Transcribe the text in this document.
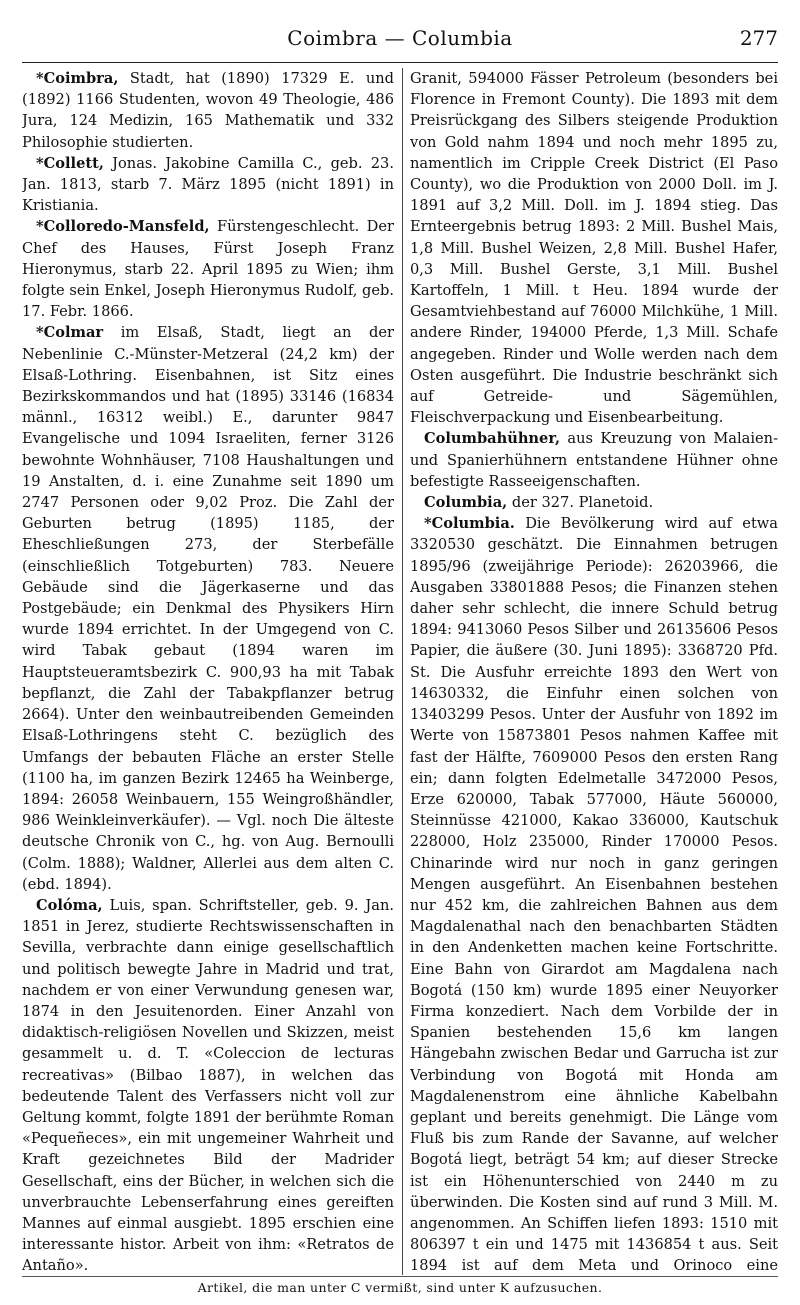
Coimbra — Columbia	277

*Coimbra, Stadt, hat (1890) 17329 E. und (1892) 1166 Studenten, wovon 49 Theologie, 486 Jura, 124 Medizin, 165 Mathematik und 332 Philosophie studierten.

*Collett, Jonas. Jakobine Camilla C., geb. 23. Jan. 1813, starb 7. März 1895 (nicht 1891) in Kristiania.

*Colloredo-Mansfeld, Fürstengeschlecht. Der Chef des Hauses, Fürst Joseph Franz Hieronymus, starb 22. April 1895 zu Wien; ihm folgte sein Enkel, Joseph Hieronymus Rudolf, geb. 17. Febr. 1866.

*Colmar im Elsaß, Stadt, liegt an der Nebenlinie C.-Münster-Metzeral (24,2 km) der Elsaß-Lothring. Eisenbahnen, ist Sitz eines Bezirkskommandos und hat (1895) 33146 (16834 männl., 16312 weibl.) E., darunter 9847 Evangelische und 1094 Israeliten, ferner 3126 bewohnte Wohnhäuser, 7108 Haushaltungen und 19 Anstalten, d. i. eine Zunahme seit 1890 um 2747 Personen oder 9,02 Proz. Die Zahl der Geburten betrug (1895) 1185, der Eheschließungen 273, der Sterbefälle (einschließlich Totgeburten) 783. Neuere Gebäude sind die Jägerkaserne und das Postgebäude; ein Denkmal des Physikers Hirn wurde 1894 errichtet. In der Umgegend von C. wird Tabak gebaut (1894 waren im Hauptsteueramtsbezirk C. 900,93 ha mit Tabak bepflanzt, die Zahl der Tabakpflanzer betrug 2664). Unter den weinbautreibenden Gemeinden Elsaß-Lothringens steht C. bezüglich des Umfangs der bebauten Fläche an erster Stelle (1100 ha, im ganzen Bezirk 12465 ha Weinberge, 1894: 26058 Weinbauern, 155 Weingroßhändler, 986 Weinkleinverkäufer). — Vgl. noch Die älteste deutsche Chronik von C., hg. von Aug. Bernoulli (Colm. 1888); Waldner, Allerlei aus dem alten C. (ebd. 1894).

Colóma, Luis, span. Schriftsteller, geb. 9. Jan. 1851 in Jerez, studierte Rechtswissenschaften in Sevilla, verbrachte dann einige gesellschaftlich und politisch bewegte Jahre in Madrid und trat, nachdem er von einer Verwundung genesen war, 1874 in den Jesuitenorden. Einer Anzahl von didaktisch-religiösen Novellen und Skizzen, meist gesammelt u. d. T. «Coleccion de lecturas recreativas» (Bilbao 1887), in welchen das bedeutende Talent des Verfassers nicht voll zur Geltung kommt, folgte 1891 der berühmte Roman «Pequeñeces», ein mit ungemeiner Wahrheit und Kraft gezeichnetes Bild der Madrider Gesellschaft, eins der Bücher, in welchen sich die unverbrauchte Lebenserfahrung eines gereiften Mannes auf einmal ausgiebt. 1895 erschien eine interessante histor. Arbeit von ihm: «Retratos de Antaño».

Granit, 594000 Fässer Petroleum (besonders bei Florence in Fremont County). Die 1893 mit dem Preisrückgang des Silbers steigende Produktion von Gold nahm 1894 und noch mehr 1895 zu, namentlich im Cripple Creek District (El Paso County), wo die Produktion von 2000 Doll. im J. 1891 auf 3,2 Mill. Doll. im J. 1894 stieg. Das Ernteergebnis betrug 1893: 2 Mill. Bushel Mais, 1,8 Mill. Bushel Weizen, 2,8 Mill. Bushel Hafer, 0,3 Mill. Bushel Gerste, 3,1 Mill. Bushel Kartoffeln, 1 Mill. t Heu. 1894 wurde der Gesamtviehbestand auf 76000 Milchkühe, 1 Mill. andere Rinder, 194000 Pferde, 1,3 Mill. Schafe angegeben. Rinder und Wolle werden nach dem Osten ausgeführt. Die Industrie beschränkt sich auf Getreide- und Sägemühlen, Fleischverpackung und Eisenbearbeitung.

Columbahühner, aus Kreuzung von Malaien- und Spanierhühnern entstandene Hühner ohne befestigte Rasseeigenschaften.

Columbia, der 327. Planetoid.

*Columbia. Die Bevölkerung wird auf etwa 3320530 geschätzt. Die Einnahmen betrugen 1895/96 (zweijährige Periode): 26203966, die Ausgaben 33801888 Pesos; die Finanzen stehen daher sehr schlecht, die innere Schuld betrug 1894: 9413060 Pesos Silber und 26135606 Pesos Papier, die äußere (30. Juni 1895): 3368720 Pfd. St. Die Ausfuhr erreichte 1893 den Wert von 14630332, die Einfuhr einen solchen von 13403299 Pesos. Unter der Ausfuhr von 1892 im Werte von 15873801 Pesos nahmen Kaffee mit fast der Hälfte, 7609000 Pesos den ersten Rang ein; dann folgten Edelmetalle 3472000 Pesos, Erze 620000, Tabak 577000, Häute 560000, Steinnüsse 421000, Kakao 336000, Kautschuk 228000, Holz 235000, Rinder 170000 Pesos. Chinarinde wird nur noch in ganz geringen Mengen ausgeführt. An Eisenbahnen bestehen nur 452 km, die zahlreichen Bahnen aus dem Magdalenathal nach den benachbarten Städten in den Andenketten machen keine Fortschritte. Eine Bahn von Girardot am Magdalena nach Bogotá (150 km) wurde 1895 einer Neuyorker Firma konzediert. Nach dem Vorbilde der in Spanien bestehenden 15,6 km langen Hängebahn zwischen Bedar und Garrucha ist zur Verbindung von Bogotá mit Honda am Magdalenenstrom eine ähnliche Kabelbahn geplant und bereits genehmigt. Die Länge vom Fluß bis zum Rande der Savanne, auf welcher Bogotá liegt, beträgt 54 km; auf dieser Strecke ist ein Höhenunterschied von 2440 m zu überwinden. Die Kosten sind auf rund 3 Mill. M. angenommen. An Schiffen liefen 1893: 1510 mit 806397 t ein und 1475 mit 1436854 t aus. Seit 1894 ist auf dem Meta und Orinoco eine

Artikel, die man unter C vermißt, sind unter K aufzusuchen.
